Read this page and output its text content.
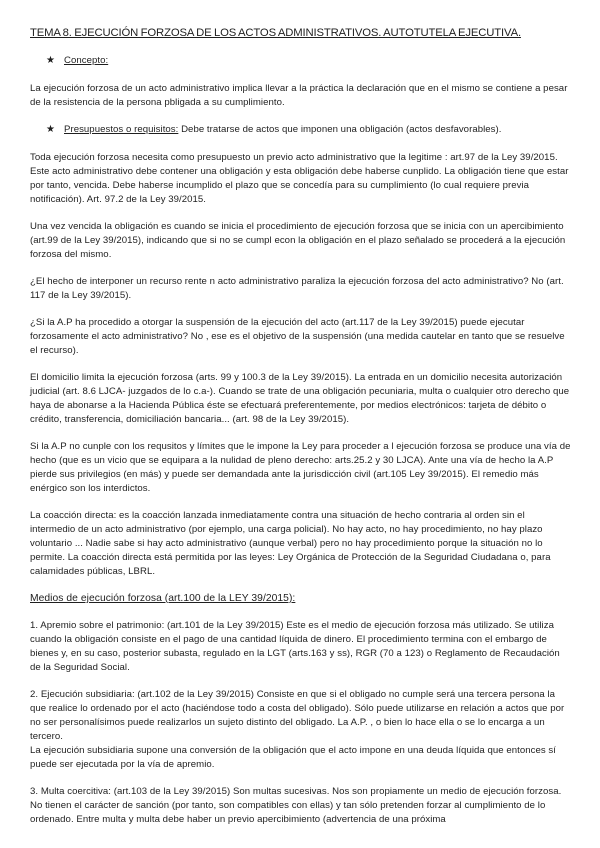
TEMA 8. EJECUCIÓN FORZOSA DE LOS ACTOS ADMINISTRATIVOS. AUTOTUTELA EJECUTIVA.
★ Concepto:

La ejecución forzosa de un acto administrativo implica llevar a la práctica la declaración que en el mismo se contiene a pesar de la resistencia de la persona pbligada a su cumplimiento.

★ Presupuestos o requisitos: Debe tratarse de actos que imponen una obligación (actos desfavorables).

Toda ejecución forzosa necesita como presupuesto un previo acto administrativo que la legitime : art.97 de la Ley 39/2015. Este acto administrativo debe contener una obligación y esta obligación debe haberse cunplido. La obligación tiene que estar por tanto, vencida. Debe haberse incumplido el plazo que se concedía para su cumplimiento (lo cual requiere previa notificación). Art. 97.2 de la Ley 39/2015.

Una vez vencida la obligación es cuando se inicia el procedimiento de ejecución forzosa que se inicia con un apercibimiento (art.99 de la Ley 39/2015), indicando que si no se cumpl econ la obligación en el plazo señalado se procederá a la ejecución forzosa del mismo.

¿El hecho de interponer un recurso rente n acto administrativo paraliza la ejecución forzosa del acto administrativo? No (art. 117 de la Ley 39/2015).

¿Si la A.P ha procedido a otorgar la suspensión de la ejecución del acto (art.117 de la Ley 39/2015) puede ejecutar forzosamente el acto administrativo? No , ese es el objetivo de la suspensión (una medida cautelar en tanto que se resuelve el recurso).

El domicilio limita la ejecución forzosa (arts. 99 y 100.3 de la Ley 39/2015). La entrada en un domicilio necesita autorización judicial (art. 8.6 LJCA- juzgados de lo c.a-). Cuando se trate de una obligación pecuniaria, multa o cualquier otro derecho que haya de abonarse a la Hacienda Pública éste se efectuará preferentemente, por medios electrónicos: tarjeta de débito o crédito, transferencia, domiciliación bancaria... (art. 98 de la Ley 39/2015).

Si la A.P no cunple con los requsitos y límites que le impone la Ley para proceder a l ejecución forzosa se produce una vía de hecho (que es un vicio que se equipara a la nulidad de pleno derecho: arts.25.2 y 30 LJCA). Ante una vía de hecho la A.P pierde sus privilegios (en más) y puede ser demandada ante la jurisdicción civil (art.105 Ley 39/2015). El remedio más enérgico son los interdictos.

La coacción directa: es la coacción lanzada inmediatamente contra una situación de hecho contraria al orden sin el intermedio de un acto administrativo (por ejemplo, una carga policial). No hay acto, no hay procedimiento, no hay plazo voluntario ... Nadie sabe si hay acto administrativo (aunque verbal) pero no hay procedimiento porque la situación no lo permite. La coacción directa está permitida por las leyes: Ley Orgánica de Protección de la Seguridad Ciudadana o, para calamidades públicas, LBRL.

Medios de ejecución forzosa (art.100 de la LEY 39/2015):

1. Apremio sobre el patrimonio: (art.101 de la Ley 39/2015) Este es el medio de ejecución forzosa más utilizado. Se utiliza cuando la obligación consiste en el pago de una cantidad líquida de dinero. El procedimiento termina con el embargo de bienes y, en su caso, posterior subasta, regulado en la LGT (arts.163 y ss), RGR (70 a 123) o Reglamento de Recaudación de la Seguridad Social.

2. Ejecución subsidiaria: (art.102 de la Ley 39/2015) Consiste en que si el obligado no cumple será una tercera persona la que realice lo ordenado por el acto (haciéndose todo a costa del obligado). Sólo puede utilizarse en relación a actos que por no ser personalísimos puede realizarlos un sujeto distinto del obligado. La A.P. , o bien lo hace ella o se lo encarga a un tercero.

La ejecución subsidiaria supone una conversión de la obligación que el acto impone en una deuda líquida que entonces sí puede ser ejecutada por la vía de apremio.

3. Multa coercitiva: (art.103 de la Ley 39/2015) Son multas sucesivas. Nos son propiamente un medio de ejecución forzosa. No tienen el carácter de sanción (por tanto, son compatibles con ellas) y tan sólo pretenden forzar al cumplimiento de lo ordenado. Entre multa y multa debe haber un previo apercibimiento (advertencia de una próxima
